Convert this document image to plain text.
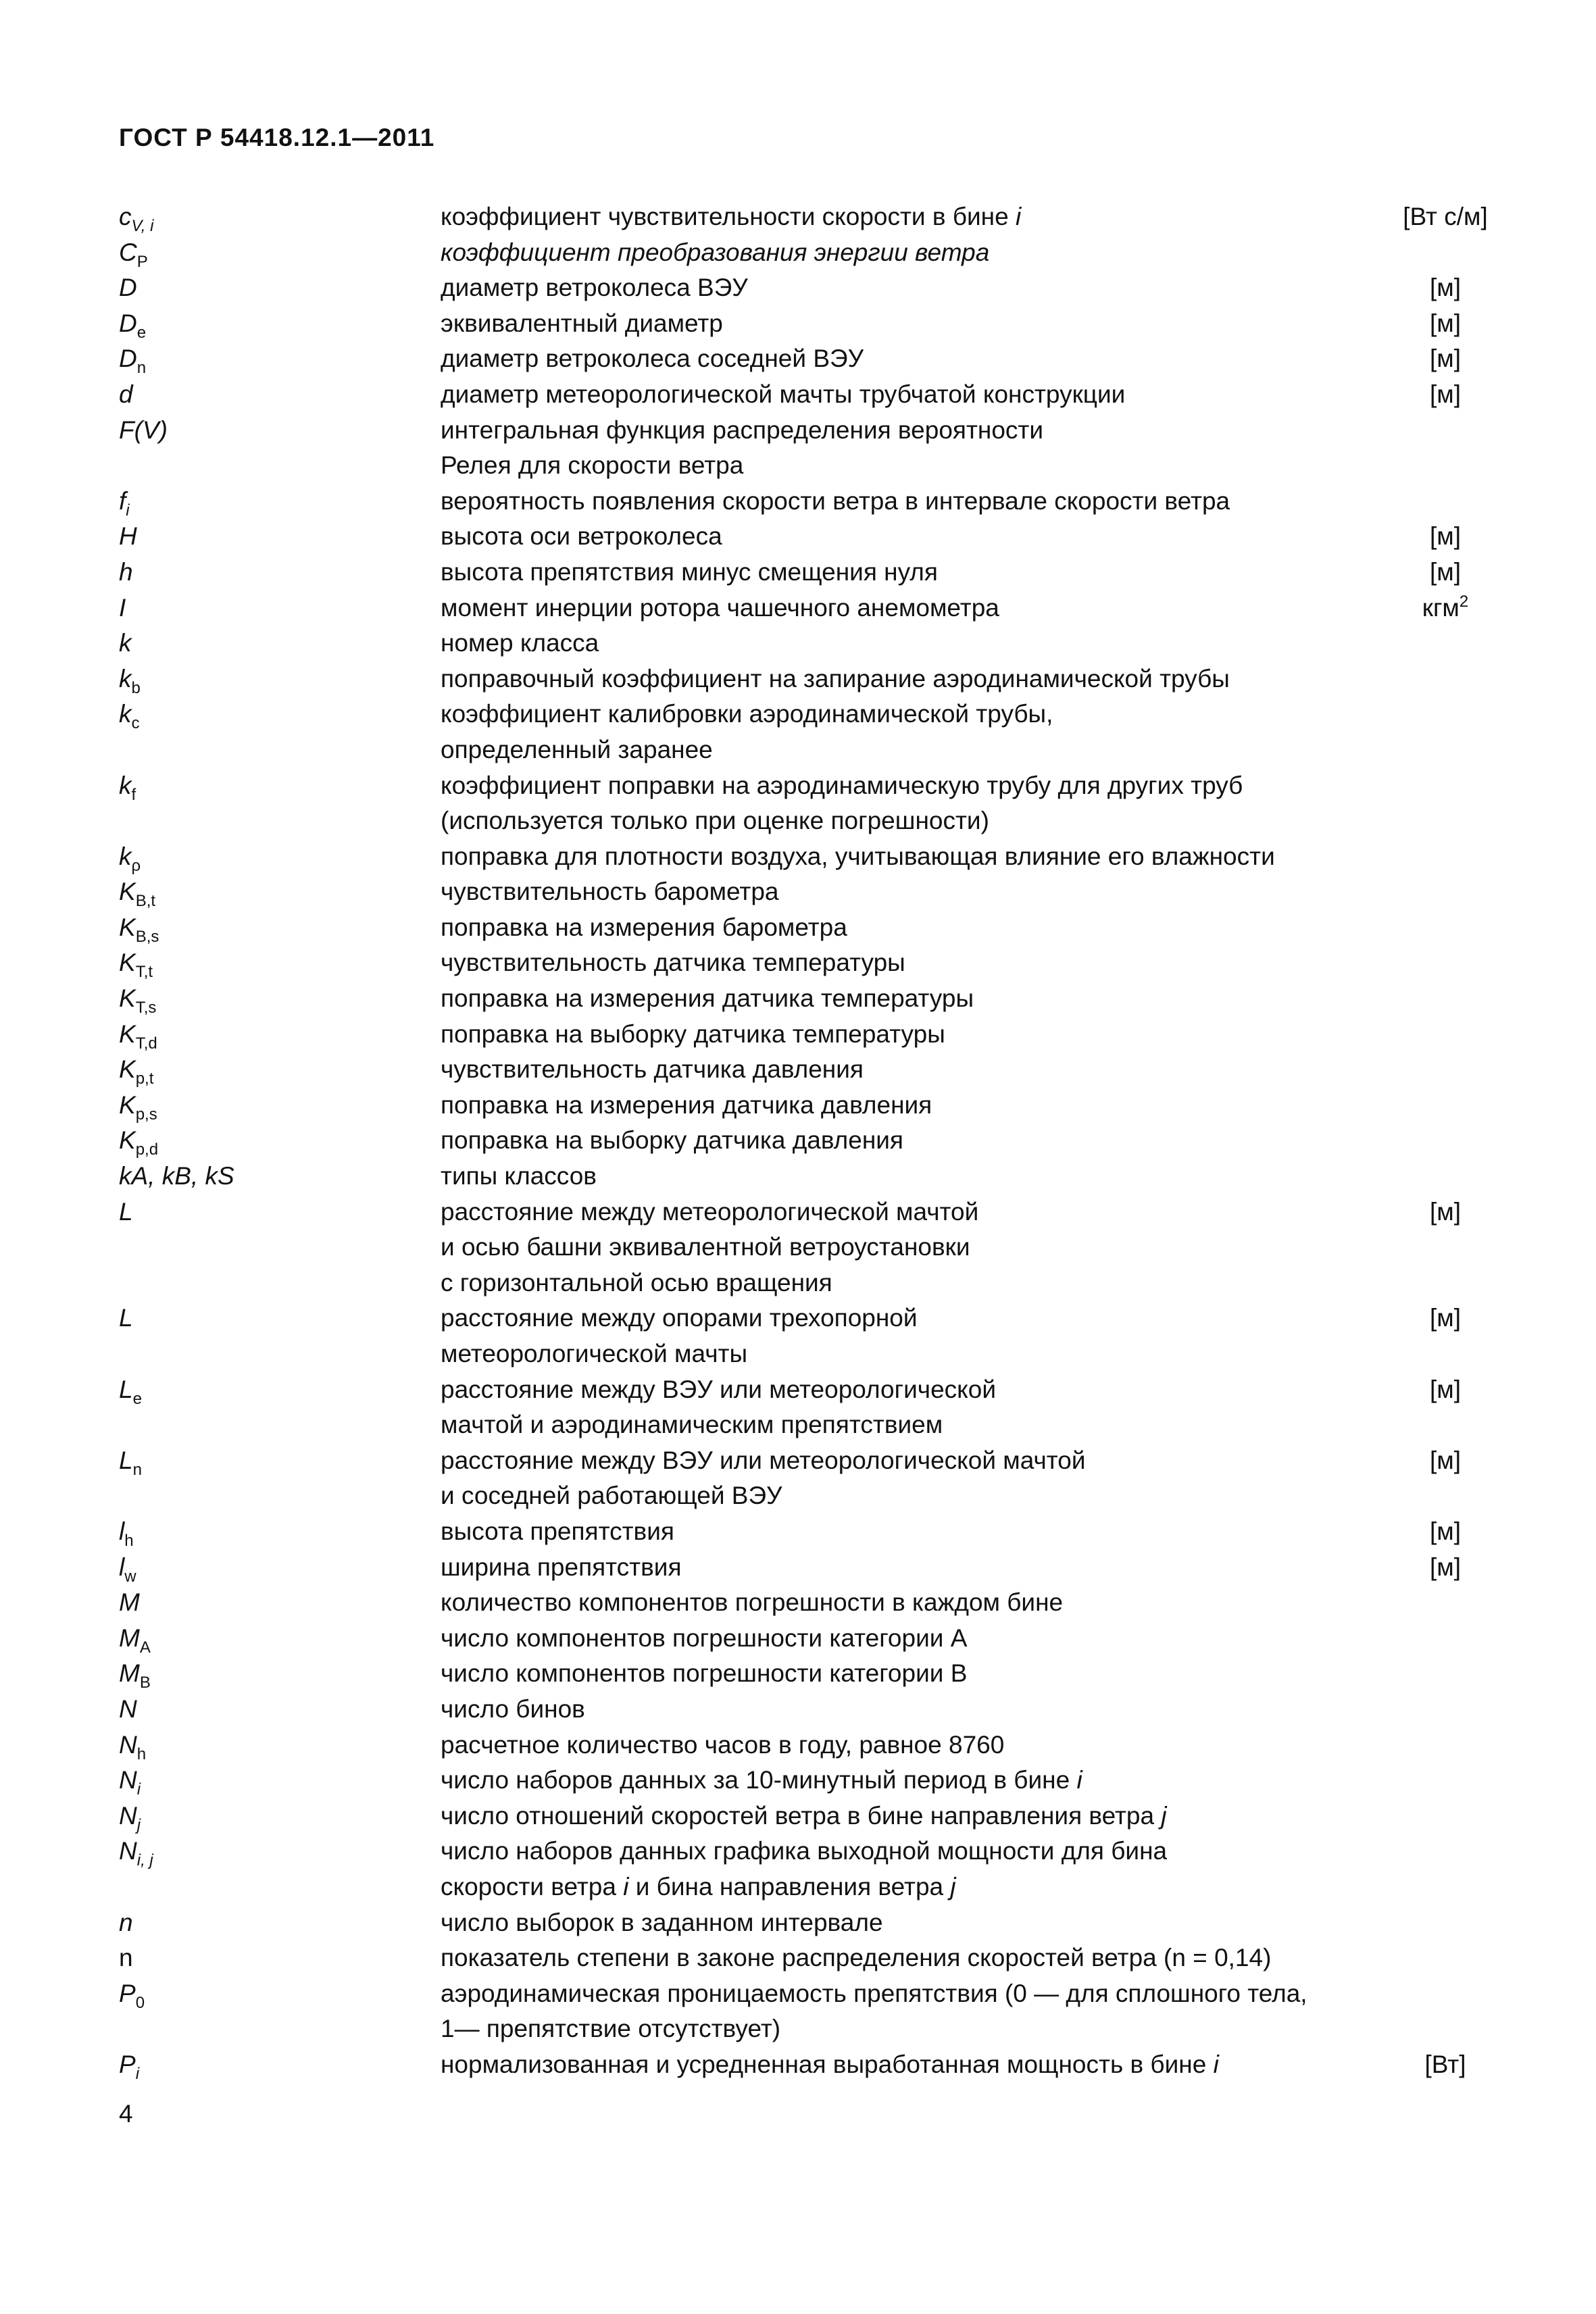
ГОСТ Р 54418.12.1—2011
$c_{V, i}$	коэффициент чувствительности скорости в бине i	[Вт с/м]
$C_P$	коэффициент преобразования энергии ветра
D	диаметр ветроколеса ВЭУ	[м]
$D_e$	эквивалентный диаметр	[м]
$D_n$	диаметр ветроколеса соседней ВЭУ	[м]
d	диаметр метеорологической мачты трубчатой конструкции	[м]
F(V)	интегральная функция распределения вероятности
Релея для скорости ветра
$f_i$	вероятность появления скорости ветра в интервале скорости ветра
H	высота оси ветроколеса	[м]
h	высота препятствия минус смещения нуля	[м]
I	момент инерции ротора чашечного анемометра	кгм$^2$
k	номер класса
$k_b$	поправочный коэффициент на запирание аэродинамической трубы
$k_c$	коэффициент калибровки аэродинамической трубы,
определенный заранее
$k_f$	коэффициент поправки на аэродинамическую трубу для других труб
(используется только при оценке погрешности)
$k_\rho$	поправка для плотности воздуха, учитывающая влияние его влажности
$K_{B,t}$	чувствительность барометра
$K_{B,s}$	поправка на измерения барометра
$K_{T,t}$	чувствительность датчика температуры
$K_{T,s}$	поправка на измерения датчика температуры
$K_{T,d}$	поправка на выборку датчика температуры
$K_{p,t}$	чувствительность датчика давления
$K_{p,s}$	поправка на измерения датчика давления
$K_{p,d}$	поправка на выборку датчика давления
kA, kB, kS	типы классов
L	расстояние между метеорологической мачтой	[м]
и осью башни эквивалентной ветроустановки
с горизонтальной осью вращения
L	расстояние между опорами трехопорной	[м]
метеорологической мачты
$L_e$	расстояние между ВЭУ или метеорологической	[м]
мачтой и аэродинамическим препятствием
$L_n$	расстояние между ВЭУ или метеорологической мачтой	[м]
и соседней работающей ВЭУ
$l_h$	высота препятствия	[м]
$l_w$	ширина препятствия	[м]
M	количество компонентов погрешности в каждом бине
$M_A$	число компонентов погрешности категории А
$M_B$	число компонентов погрешности категории В
N	число бинов
$N_h$	расчетное количество часов в году, равное 8760
$N_i$	число наборов данных за 10-минутный период в бине i
$N_j$	число отношений скоростей ветра в бине направления ветра j
$N_{i, j}$	число наборов данных графика выходной мощности для бина
скорости ветра i и бина направления ветра j
n	число выборок в заданном интервале
n	показатель степени в законе распределения скоростей ветра (n = 0,14)
$P_0$	аэродинамическая проницаемость препятствия (0 — для сплошного тела,
1— препятствие отсутствует)
$P_i$	нормализованная и усредненная выработанная мощность в бине i	[Вт]
4
